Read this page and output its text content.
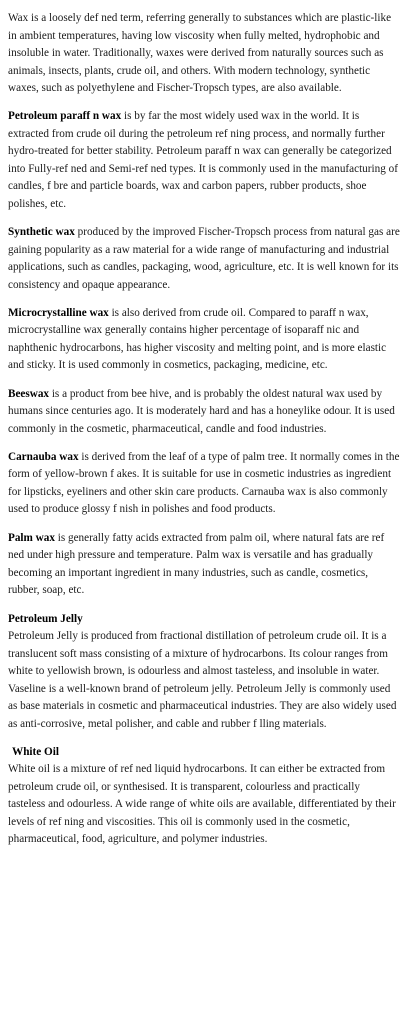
Wax is a loosely def ned term, referring generally to substances which are plastic-like in ambient temperatures, having low viscosity when fully melted, hydrophobic and insoluble in water. Traditionally, waxes were derived from naturally sources such as animals, insects, plants, crude oil, and others. With modern technology, synthetic waxes, such as polyethylene and Fischer-Tropsch types, are also available.

Petroleum paraff n wax is by far the most widely used wax in the world. It is extracted from crude oil during the petroleum ref ning process, and normally further hydro-treated for better stability. Petroleum paraff n wax can generally be categorized into Fully-ref ned and Semi-ref ned types. It is commonly used in the manufacturing of candles, f bre and particle boards, wax and carbon papers, rubber products, shoe polishes, etc.

Synthetic wax produced by the improved Fischer-Tropsch process from natural gas are gaining popularity as a raw material for a wide range of manufacturing and industrial applications, such as candles, packaging, wood, agriculture, etc. It is well known for its consistency and opaque appearance.

Microcrystalline wax is also derived from crude oil. Compared to paraff n wax, microcrystalline wax generally contains higher percentage of isoparaff nic and naphthenic hydrocarbons, has higher viscosity and melting point, and is more elastic and sticky. It is used commonly in cosmetics, packaging, medicine, etc.

Beeswax is a product from bee hive, and is probably the oldest natural wax used by humans since centuries ago. It is moderately hard and has a honeylike odour. It is used commonly in the cosmetic, pharmaceutical, candle and food industries.

Carnauba wax is derived from the leaf of a type of palm tree. It normally comes in the form of yellow-brown f akes. It is suitable for use in cosmetic industries as ingredient for lipsticks, eyeliners and other skin care products. Carnauba wax is also commonly used to produce glossy f nish in polishes and food products.

Palm wax is generally fatty acids extracted from palm oil, where natural fats are ref ned under high pressure and temperature. Palm wax is versatile and has gradually becoming an important ingredient in many industries, such as candle, cosmetics, rubber, soap, etc.

Petroleum Jelly
Petroleum Jelly is produced from fractional distillation of petroleum crude oil. It is a translucent soft mass consisting of a mixture of hydrocarbons. Its colour ranges from white to yellowish brown, is odourless and almost tasteless, and insoluble in water. Vaseline is a well-known brand of petroleum jelly. Petroleum Jelly is commonly used as base materials in cosmetic and pharmaceutical industries. They are also widely used as anti-corrosive, metal polisher, and cable and rubber f lling materials.

White Oil
White oil is a mixture of ref ned liquid hydrocarbons. It can either be extracted from petroleum crude oil, or synthesised. It is transparent, colourless and practically tasteless and odourless. A wide range of white oils are available, differentiated by their levels of ref ning and viscosities. This oil is commonly used in the cosmetic, pharmaceutical, food, agriculture, and polymer industries.
